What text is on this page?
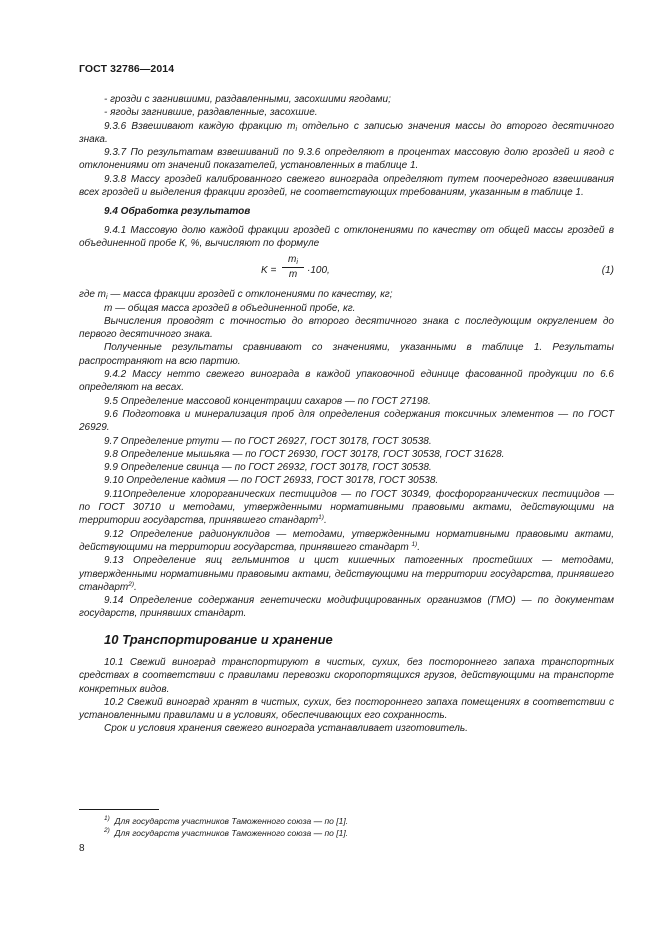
ГОСТ 32786—2014

- грозди с загнившими, раздавленными, засохшими ягодами;

- ягоды загнившие, раздавленные, засохшие.

9.3.6 Взвешивают каждую фракцию $m_i$ отдельно с записью значения массы до второго десятичного знака.

9.3.7 По результатам взвешиваний по 9.3.6 определяют в процентах массовую долю гроздей и ягод с отклонениями от значений показателей, установленных в таблице 1.

9.3.8 Массу гроздей калиброванного свежего винограда определяют путем поочередного взвешивания всех гроздей и выделения фракции гроздей, не соответствующих требованиям, указанным в таблице 1.

9.4 Обработка результатов

9.4.1 Массовую долю каждой фракции гроздей с отклонениями по качеству от общей массы гроздей в объединенной пробе К, %, вычисляют по формуле

$K = \frac{m_i}{m} \cdot 100$,	(1)

где $m_i$ — масса фракции гроздей с отклонениями по качеству, кг;

m — общая масса гроздей в объединенной пробе, кг.

Вычисления проводят с точностью до второго десятичного знака с последующим округлением до первого десятичного знака.

Полученные результаты сравнивают со значениями, указанными в таблице 1. Результаты распространяют на всю партию.

9.4.2 Массу нетто свежего винограда в каждой упаковочной единице фасованной продукции по 6.6 определяют на весах.

9.5 Определение массовой концентрации сахаров — по ГОСТ 27198.

9.6 Подготовка и минерализация проб для определения содержания токсичных элементов — по ГОСТ 26929.

9.7 Определение ртути — по ГОСТ 26927, ГОСТ 30178, ГОСТ 30538.

9.8 Определение мышьяка — по ГОСТ 26930, ГОСТ 30178, ГОСТ 30538, ГОСТ 31628.

9.9 Определение свинца — по ГОСТ 26932, ГОСТ 30178, ГОСТ 30538.

9.10 Определение кадмия — по ГОСТ 26933, ГОСТ 30178, ГОСТ 30538.

9.11Определение хлорорганических пестицидов — по ГОСТ 30349, фосфорорганических пестицидов — по ГОСТ 30710 и методами, утвержденными нормативными правовыми актами, действующими на территории государства, принявшего стандарт$^{1)}$.

9.12 Определение радионуклидов — методами, утвержденными нормативными правовыми актами, действующими на территории государства, принявшего стандарт $^{1)}$.

9.13 Определение яиц гельминтов и цист кишечных патогенных простейших — методами, утвержденными нормативными правовыми актами, действующими на территории государства, принявшего стандарт$^{2)}$.

9.14 Определение содержания генетически модифицированных организмов (ГМО) — по документам государств, принявших стандарт.

10 Транспортирование и хранение

10.1 Свежий виноград транспортируют в чистых, сухих, без постороннего запаха транспортных средствах в соответствии с правилами перевозки скоропортящихся грузов, действующими на транспорте конкретных видов.

10.2 Свежий виноград хранят в чистых, сухих, без постороннего запаха помещениях в соответствии с установленными правилами и в условиях, обеспечивающих его сохранность.

Срок и условия хранения свежего винограда устанавливает изготовитель.

$^{1)}$ Для государств участников Таможенного союза — по [1].

$^{2)}$ Для государств участников Таможенного союза — по [1].

8
